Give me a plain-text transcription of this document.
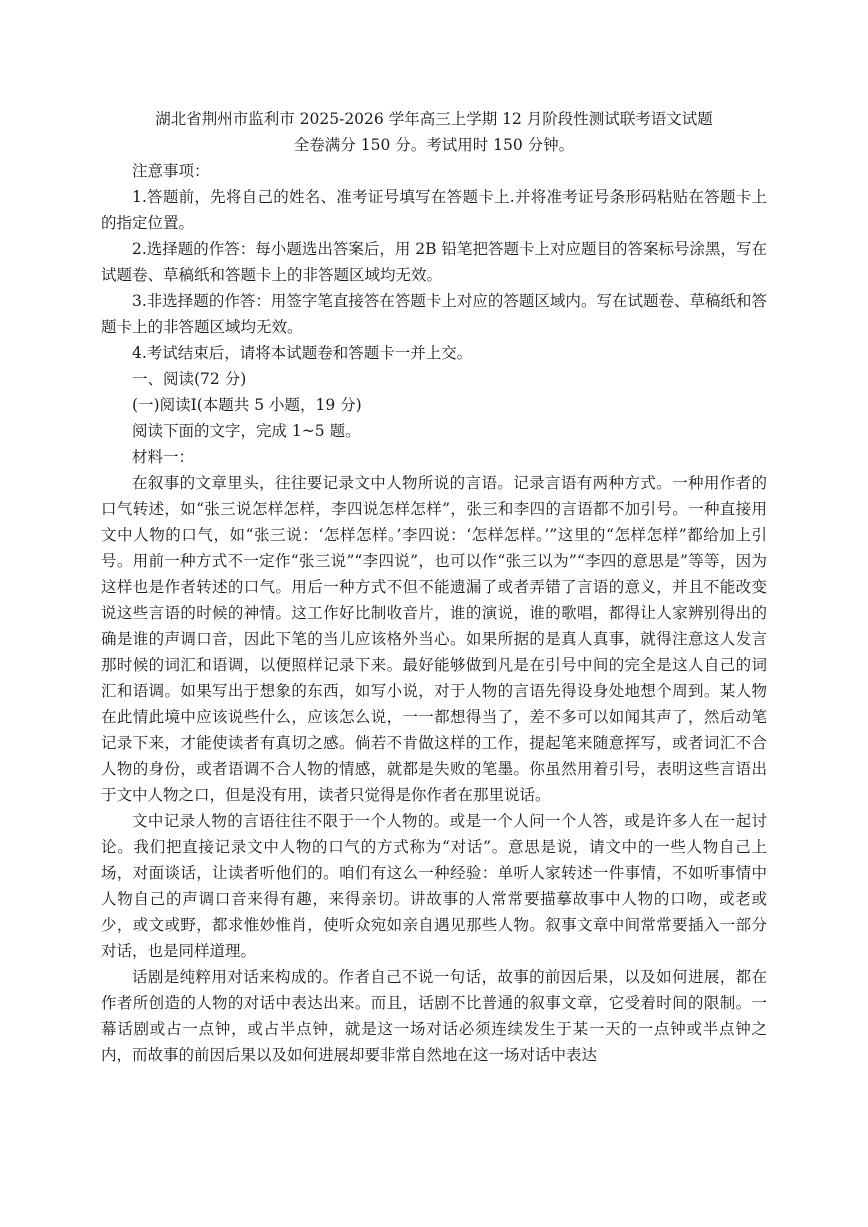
湖北省荆州市监利市 2025-2026 学年高三上学期 12 月阶段性测试联考语文试题
全卷满分 150 分。考试用时 150 分钟。

注意事项：

1.答题前，先将自己的姓名、准考证号填写在答题卡上.并将准考证号条形码粘贴在答题卡上的指定位置。

2.选择题的作答：每小题选出答案后，用 2B 铅笔把答题卡上对应题目的答案标号涂黑，写在试题卷、草稿纸和答题卡上的非答题区域均无效。

3.非选择题的作答：用签字笔直接答在答题卡上对应的答题区域内。写在试题卷、草稿纸和答题卡上的非答题区域均无效。

4.考试结束后，请将本试题卷和答题卡一并上交。

一、阅读(72 分)

(一)阅读Ⅰ(本题共 5 小题，19 分)

阅读下面的文字，完成 1~5 题。

材料一：

在叙事的文章里头，往往要记录文中人物所说的言语。记录言语有两种方式。一种用作者的口气转述，如“张三说怎样怎样，李四说怎样怎样”，张三和李四的言语都不加引号。一种直接用文中人物的口气，如“张三说：‘怎样怎样。’李四说：‘怎样怎样。’”这里的“怎样怎样”都给加上引号。用前一种方式不一定作“张三说”“李四说”，也可以作“张三以为”“李四的意思是”等等，因为这样也是作者转述的口气。用后一种方式不但不能遗漏了或者弄错了言语的意义，并且不能改变说这些言语的时候的神情。这工作好比制收音片，谁的演说，谁的歌唱，都得让人家辨别得出的确是谁的声调口音，因此下笔的当儿应该格外当心。如果所据的是真人真事，就得注意这人发言那时候的词汇和语调，以便照样记录下来。最好能够做到凡是在引号中间的完全是这人自己的词汇和语调。如果写出于想象的东西，如写小说，对于人物的言语先得设身处地想个周到。某人物在此情此境中应该说些什么，应该怎么说，一一都想得当了，差不多可以如闻其声了，然后动笔记录下来，才能使读者有真切之感。倘若不肯做这样的工作，提起笔来随意挥写，或者词汇不合人物的身份，或者语调不合人物的情感，就都是失败的笔墨。你虽然用着引号，表明这些言语出于文中人物之口，但是没有用，读者只觉得是你作者在那里说话。

文中记录人物的言语往往不限于一个人物的。或是一个人问一个人答，或是许多人在一起讨论。我们把直接记录文中人物的口气的方式称为“对话”。意思是说，请文中的一些人物自己上场，对面谈话，让读者听他们的。咱们有这么一种经验：单听人家转述一件事情，不如听事情中人物自己的声调口音来得有趣，来得亲切。讲故事的人常常要描摹故事中人物的口吻，或老或少，或文或野，都求惟妙惟肖，使听众宛如亲自遇见那些人物。叙事文章中间常常要插入一部分对话，也是同样道理。

话剧是纯粹用对话来构成的。作者自己不说一句话，故事的前因后果，以及如何进展，都在作者所创造的人物的对话中表达出来。而且，话剧不比普通的叙事文章，它受着时间的限制。一幕话剧或占一点钟，或占半点钟，就是这一场对话必须连续发生于某一天的一点钟或半点钟之内，而故事的前因后果以及如何进展却要非常自然地在这一场对话中表达
